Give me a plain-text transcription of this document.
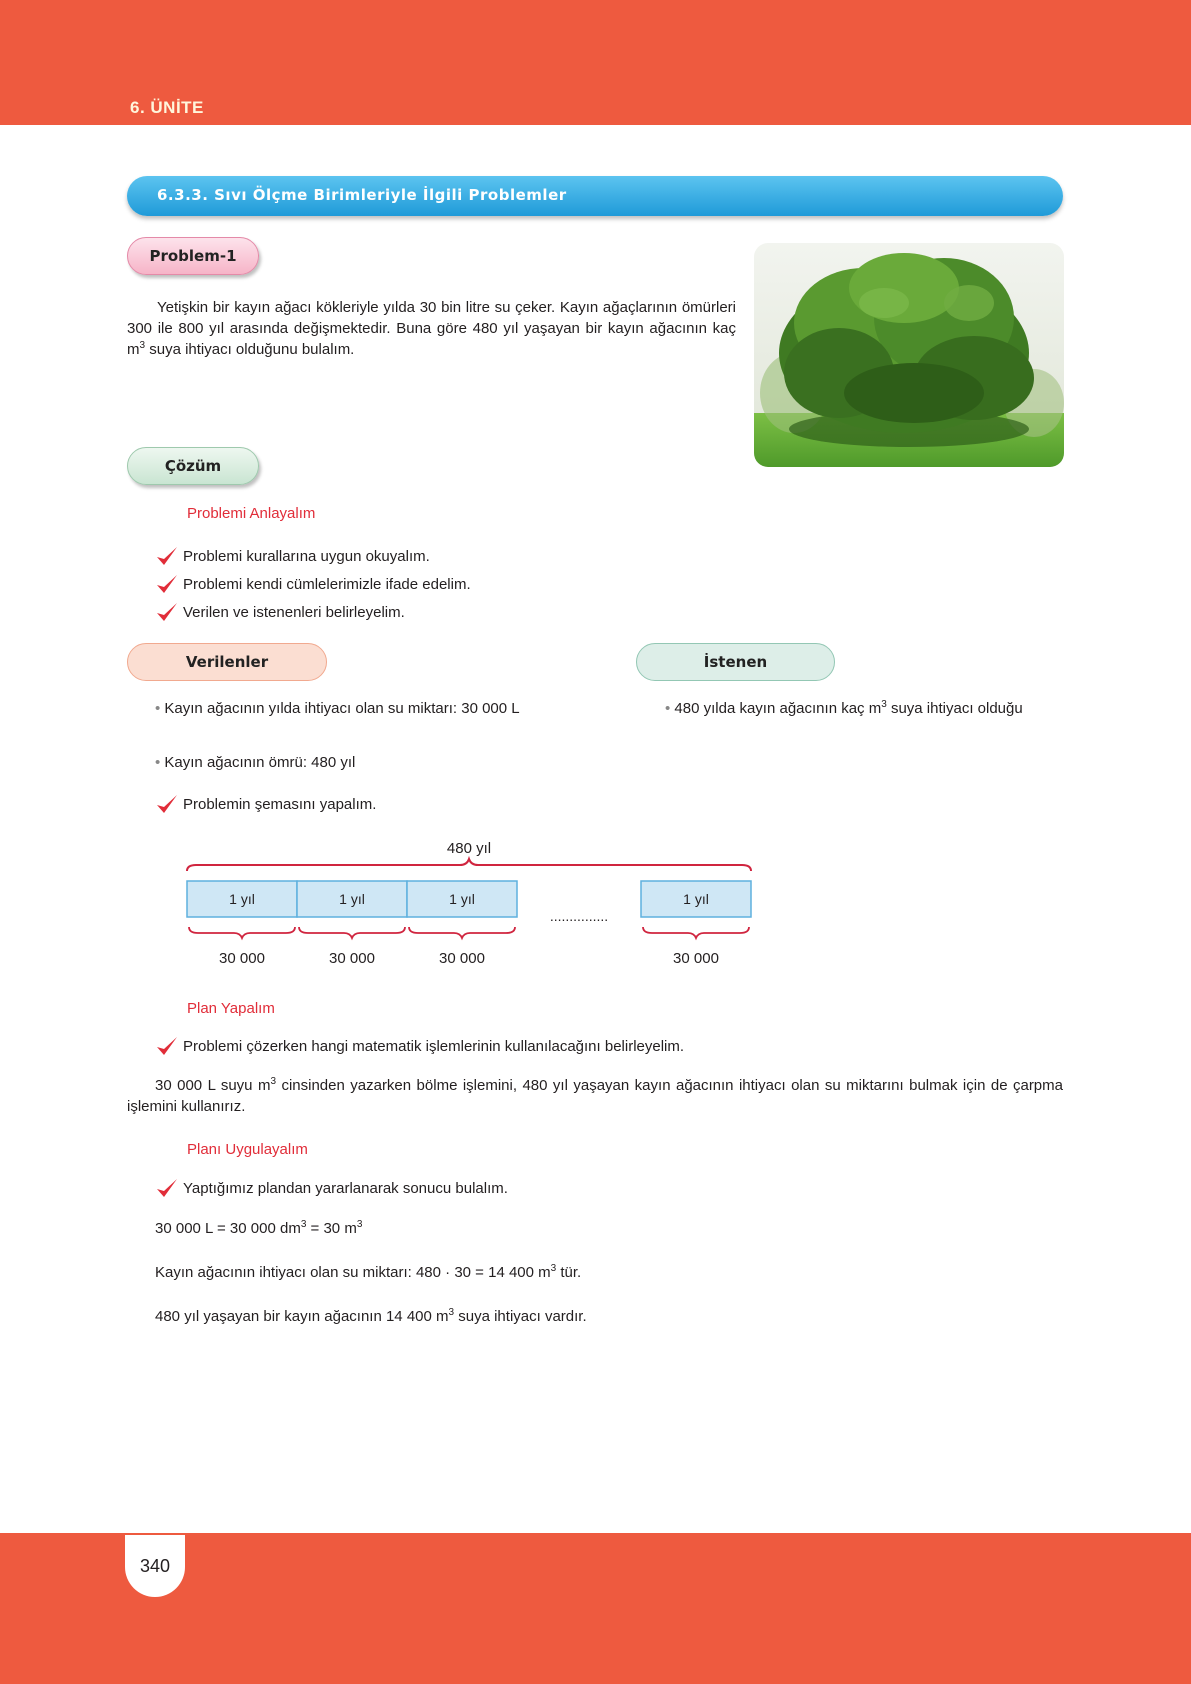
6. ÜNİTE
6.3.3. Sıvı Ölçme Birimleriyle İlgili Problemler
Problem-1
Yetişkin bir kayın ağacı kökleriyle yılda 30 bin litre su çeker. Kayın ağaçlarının ömürleri 300 ile 800 yıl arasında değişmektedir. Buna göre 480 yıl yaşayan bir kayın ağacının kaç $m^3$ suya ihtiyacı olduğunu bulalım.
Çözüm
Problemi Anlayalım
Problemi kurallarına uygun okuyalım.
Problemi kendi cümlelerimizle ifade edelim.
Verilen ve istenenleri belirleyelim.
Verilenler	İstenen
• Kayın ağacının yılda ihtiyacı olan su miktarı: 30 000 L
• Kayın ağacının ömrü: 480 yıl
• 480 yılda kayın ağacının kaç $m^3$ suya ihtiyacı olduğu
Problemin şemasını yapalım.
480 yıl
1 yıl	1 yıl	1 yıl	1 yıl
...............
30 000	30 000	30 000	30 000
Plan Yapalım
Problemi çözerken hangi matematik işlemlerinin kullanılacağını belirleyelim.
30 000 L suyu $m^3$ cinsinden yazarken bölme işlemini, 480 yıl yaşayan kayın ağacının ihtiyacı olan su miktarını bulmak için de çarpma işlemini kullanırız.
Planı Uygulayalım
Yaptığımız plandan yararlanarak sonucu bulalım.
30 000 L = 30 000 $dm^3 = 30$ $m^3$
Kayın ağacının ihtiyacı olan su miktarı: 480 · 30 = 14 400 $m^3$ tür.
480 yıl yaşayan bir kayın ağacının 14 400 $m^3$ suya ihtiyacı vardır.
340
